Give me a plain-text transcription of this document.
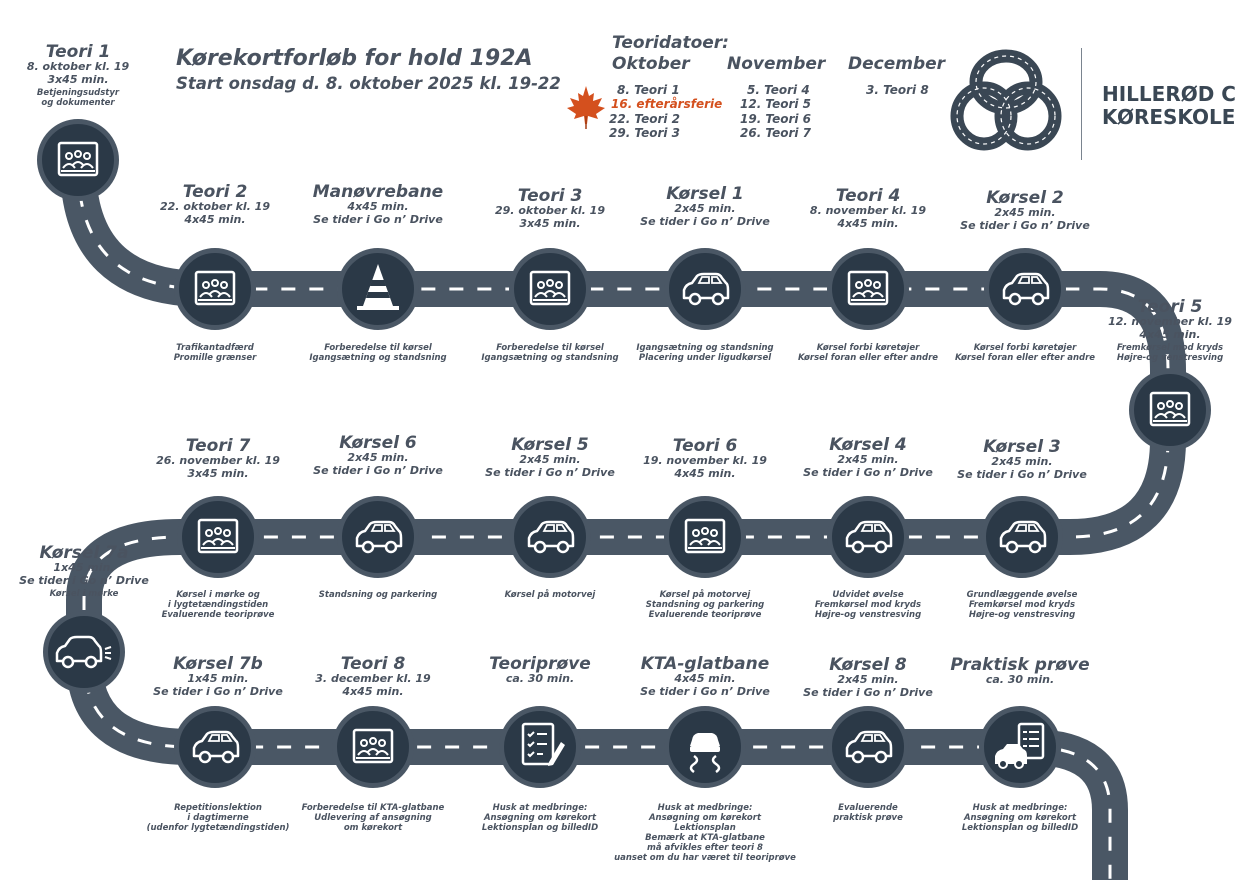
Kørekortforløb for hold 192A
Start onsdag d. 8. oktober 2025 kl. 19-22
Teoridatoer:
Oktober November December
8. Teori 1
16. efterårsferie
22. Teori 2
29. Teori 3
5. Teori 4
12. Teori 5
19. Teori 6
26. Teori 7
3. Teori 8	HILLERØD C
KØRESKOLE
Teori 1
8. oktober kl. 19
3x45 min.
Betjeningsudstyr
og dokumenter
Teori 2
22. oktober kl. 19
4x45 min.
Trafikantadfærd
Promille grænser
Manøvrebane
4x45 min.
Se tider i Go n’ Drive
Forberedelse til kørsel
Igangsætning og standsning
Teori 3
29. oktober kl. 19
3x45 min.
Forberedelse til kørsel
Igangsætning og standsning
Kørsel 1
2x45 min.
Se tider i Go n’ Drive
Igangsætning og standsning
Placering under ligudkørsel
Teori 4
8. november kl. 19
4x45 min.
Kørsel forbi køretøjer
Kørsel foran eller efter andre
Kørsel 2
2x45 min.
Se tider i Go n’ Drive
Kørsel forbi køretøjer
Kørsel foran eller efter andre
Teori 5
12. november kl. 19
4x45 min.
Fremkørsel mod kryds
Højre-og venstresving
Kørsel 3
2x45 min.
Se tider i Go n’ Drive
Grundlæggende øvelse
Fremkørsel mod kryds
Højre-og venstresving
Kørsel 4
2x45 min.
Se tider i Go n’ Drive
Udvidet øvelse
Fremkørsel mod kryds
Højre-og venstresving
Teori 6
19. november kl. 19
4x45 min.
Kørsel på motorvej
Standsning og parkering
Evaluerende teoriprøve
Kørsel 5
2x45 min.
Se tider i Go n’ Drive
Kørsel på motorvej
Kørsel 6
2x45 min.
Se tider i Go n’ Drive
Standsning og parkering
Teori 7
26. november kl. 19
3x45 min.
Kørsel i mørke og
i lygtetændingstiden
Evaluerende teoriprøve
Kørsel 7a
1x45 min.
Se tider i Go n’ Drive
Kørsel i mørke
Kørsel 7b
1x45 min.
Se tider i Go n’ Drive
Repetitionslektion
i dagtimerne
(udenfor lygtetændingstiden)
Teori 8
3. december kl. 19
4x45 min.
Forberedelse til KTA-glatbane
Udlevering af ansøgning
om kørekort
Teoriprøve
ca. 30 min.
Husk at medbringe:
Ansøgning om kørekort
Lektionsplan og billedID
KTA-glatbane
4x45 min.
Se tider i Go n’ Drive
Husk at medbringe:
Ansøgning om kørekort
Lektionsplan
Bemærk at KTA-glatbane
må afvikles efter teori 8
uanset om du har været til teoriprøve
Kørsel 8
2x45 min.
Se tider i Go n’ Drive
Evaluerende
praktisk prøve
Praktisk prøve
ca. 30 min.
Husk at medbringe:
Ansøgning om kørekort
Lektionsplan og billedID
